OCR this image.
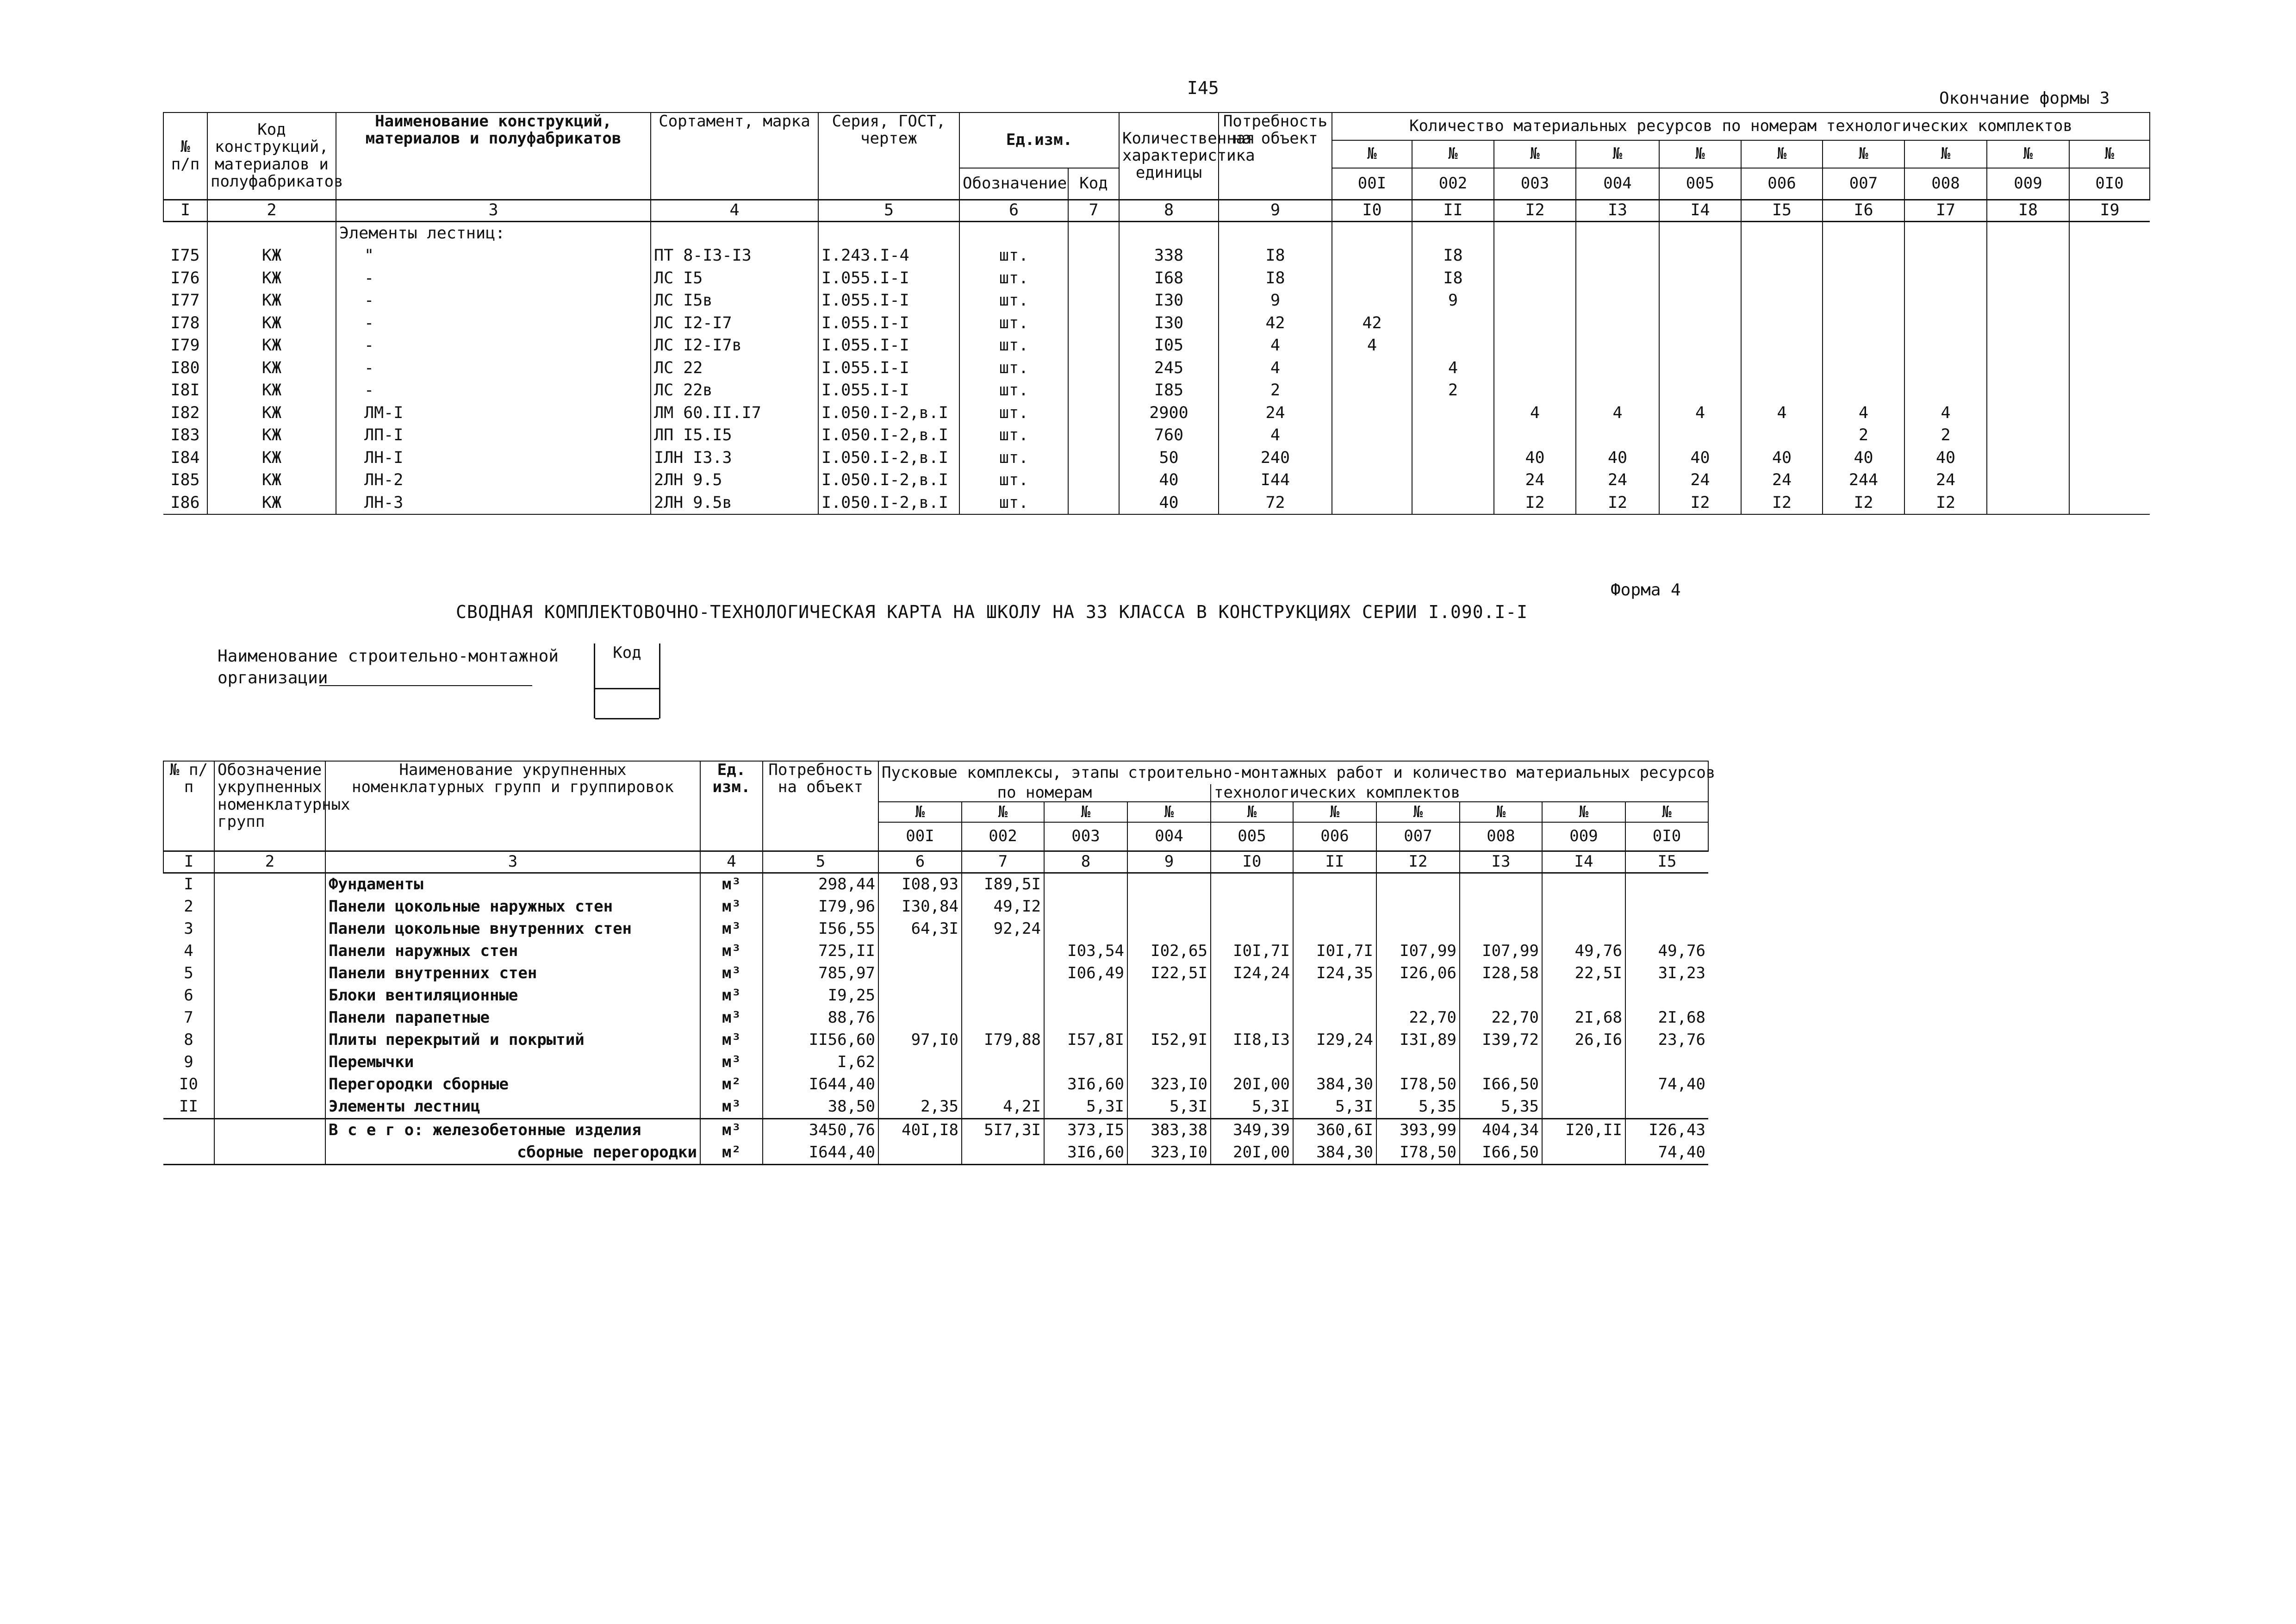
I45
Окончание формы 3
№ п/п	Код конструкций, материалов и полуфабрикатов	Наименование конструкций, материалов и полуфабрикатов	Сортамент, марка	Серия, ГОСТ, чертеж	Ед.изм.		Количественная характеристика единицы	Потребность на объект	Количество материальных ресурсов по номерам технологических комплектов									
									№	№	№	№	№	№	№	№	№	№
					Обозначение	Код			00I	002	003	004	005	006	007	008	009	0I0
I	2	3	4	5	6	7	8	9	I0	II	I2	I3	I4	I5	I6	I7	I8	I9
		Элементы лестниц:																
I75	КЖ	"	ПТ 8-I3-I3	I.243.I-4	шт.		338	I8		I8								
I76	КЖ	-	ЛС I5	I.055.I-I	шт.		I68	I8		I8								
I77	КЖ	-	ЛС I5в	I.055.I-I	шт.		I30	9		9								
I78	КЖ	-	ЛС I2-I7	I.055.I-I	шт.		I30	42	42									
I79	КЖ	-	ЛС I2-I7в	I.055.I-I	шт.		I05	4	4									
I80	КЖ	-	ЛС 22	I.055.I-I	шт.		245	4		4								
I8I	КЖ	-	ЛС 22в	I.055.I-I	шт.		I85	2		2								
I82	КЖ	ЛМ-I	ЛМ 60.II.I7	I.050.I-2,в.I	шт.		2900	24			4	4	4	4	4	4		
I83	КЖ	ЛП-I	ЛП I5.I5	I.050.I-2,в.I	шт.		760	4							2	2		
I84	КЖ	ЛН-I	IЛН I3.3	I.050.I-2,в.I	шт.		50	240			40	40	40	40	40	40		
I85	КЖ	ЛН-2	2ЛН 9.5	I.050.I-2,в.I	шт.		40	I44			24	24	24	24	244	24		
I86	КЖ	ЛН-3	2ЛН 9.5в	I.050.I-2,в.I	шт.		40	72			I2	I2	I2	I2	I2	I2		
Форма 4
СВОДНАЯ КОМПЛЕКТОВОЧНО-ТЕХНОЛОГИЧЕСКАЯ КАРТА НА ШКОЛУ НА 33 КЛАССА В КОНСТРУКЦИЯХ СЕРИИ I.090.I-I
Наименование строительно-монтажной
организации
Код
№ п/п	Обозначение укрупненных номенклатурных групп	Наименование укрупненных номенклатурных групп и группировок	Ед. изм.	Потребность на объект	Пусковые комплексы, этапы строительно-монтажных работ и количество материальных ресурсов									
					по номерам				технологических комплектов					
					№	№	№	№	№	№	№	№	№	№
					00I	002	003	004	005	006	007	008	009	0I0
I	2	3	4	5	6	7	8	9	I0	II	I2	I3	I4	I5
I		Фундаменты	м³	298,44	I08,93	I89,5I								
2		Панели цокольные наружных стен	м³	I79,96	I30,84	49,I2								
3		Панели цокольные внутренних стен	м³	I56,55	64,3I	92,24								
4		Панели наружных стен	м³	725,II			I03,54	I02,65	I0I,7I	I0I,7I	I07,99	I07,99	49,76	49,76
5		Панели внутренних стен	м³	785,97			I06,49	I22,5I	I24,24	I24,35	I26,06	I28,58	22,5I	3I,23
6		Блоки вентиляционные	м³	I9,25										
7		Панели парапетные	м³	88,76							22,70	22,70	2I,68	2I,68
8		Плиты перекрытий и покрытий	м³	II56,60	97,I0	I79,88	I57,8I	I52,9I	II8,I3	I29,24	I3I,89	I39,72	26,I6	23,76
9		Перемычки	м³	I,62										
I0		Перегородки сборные	м²	I644,40			3I6,60	323,I0	20I,00	384,30	I78,50	I66,50		74,40
II		Элементы лестниц	м³	38,50	2,35	4,2I	5,3I	5,3I	5,3I	5,3I	5,35	5,35		
		В с е г о: железобетонные изделия	м³	3450,76	40I,I8	5I7,3I	373,I5	383,38	349,39	360,6I	393,99	404,34	I20,II	I26,43
		сборные перегородки	м²	I644,40			3I6,60	323,I0	20I,00	384,30	I78,50	I66,50		74,40
